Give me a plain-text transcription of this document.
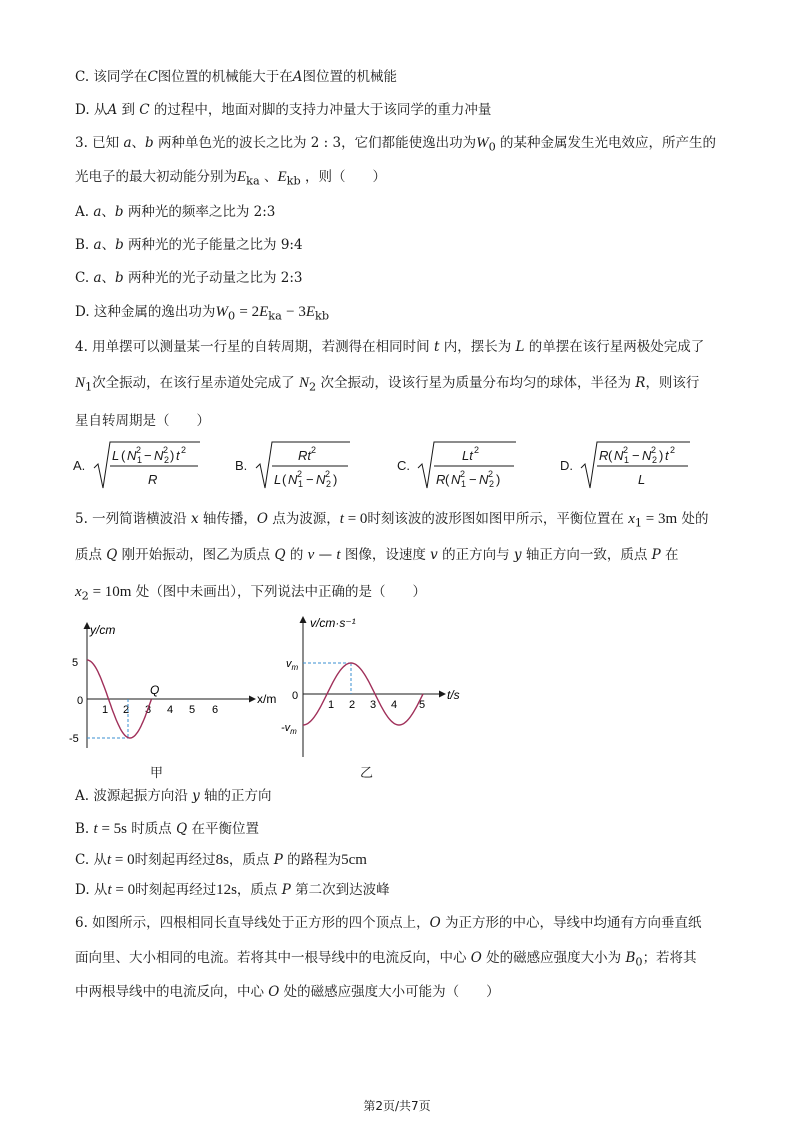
C. 该同学在C图位置的机械能大于在A图位置的机械能
D. 从A 到 C 的过程中，地面对脚的支持力冲量大于该同学的重力冲量
3. 已知 a、b 两种单色光的波长之比为 2 : 3，它们都能使逸出功为$W_0$ 的某种金属发生光电效应，所产生的
光电子的最大初动能分别为$E_{ka}$ 、$E_{kb}$ ，则（　　）
A. a、b 两种光的频率之比为 2:3
B. a、b 两种光的光子能量之比为 9:4
C. a、b 两种光的光子动量之比为 2:3
D. 这种金属的逸出功为$W_0 = 2E_{ka} - 3E_{kb}$
4. 用单摆可以测量某一行星的自转周期，若测得在相同时间 t 内，摆长为 L 的单摆在该行星两极处完成了
$N_1$次全振动，在该行星赤道处完成了 $N_2$ 次全振动，设该行星为质量分布均匀的球体，半径为 R，则该行
星自转周期是（　　）
A.
L ( N 1
2 − N 2
2 ) t 2
R
B.
Rt 2
L ( N 1
2 − N 2
2 )
C.
Lt 2
R ( N 1
2 − N 2
2 )
D.
R ( N 1
2 − N 2
2 ) t 2
L
5. 一列简谐横波沿 x 轴传播，O 点为波源，t = 0时刻该波的波形图如图甲所示，平衡位置在 $x_1 = 3m$ 处的
质点 Q 刚开始振动，图乙为质点 Q 的 v — t 图像，设速度 v 的正方向与 y 轴正方向一致，质点 P 在
$x_2 = 10m$ 处（图中未画出），下列说法中正确的是（　　）
y/cm
x/m
5
0
-5
1 2 3 4 5 6
Q
甲
v/cm·s⁻¹
t/s
$v_m$
0
$-v_m$
1 2 3 4 5
乙
A. 波源起振方向沿 y 轴的正方向
B. t = 5s 时质点 Q 在平衡位置
C. 从t = 0时刻起再经过8s，质点 P 的路程为5cm
D. 从t = 0时刻起再经过12s，质点 P 第二次到达波峰
6. 如图所示，四根相同长直导线处于正方形的四个顶点上，O 为正方形的中心，导线中均通有方向垂直纸
面向里、大小相同的电流。若将其中一根导线中的电流反向，中心 O 处的磁感应强度大小为 $B_0$；若将其
中两根导线中的电流反向，中心 O 处的磁感应强度大小可能为（　　）
第2页/共7页
